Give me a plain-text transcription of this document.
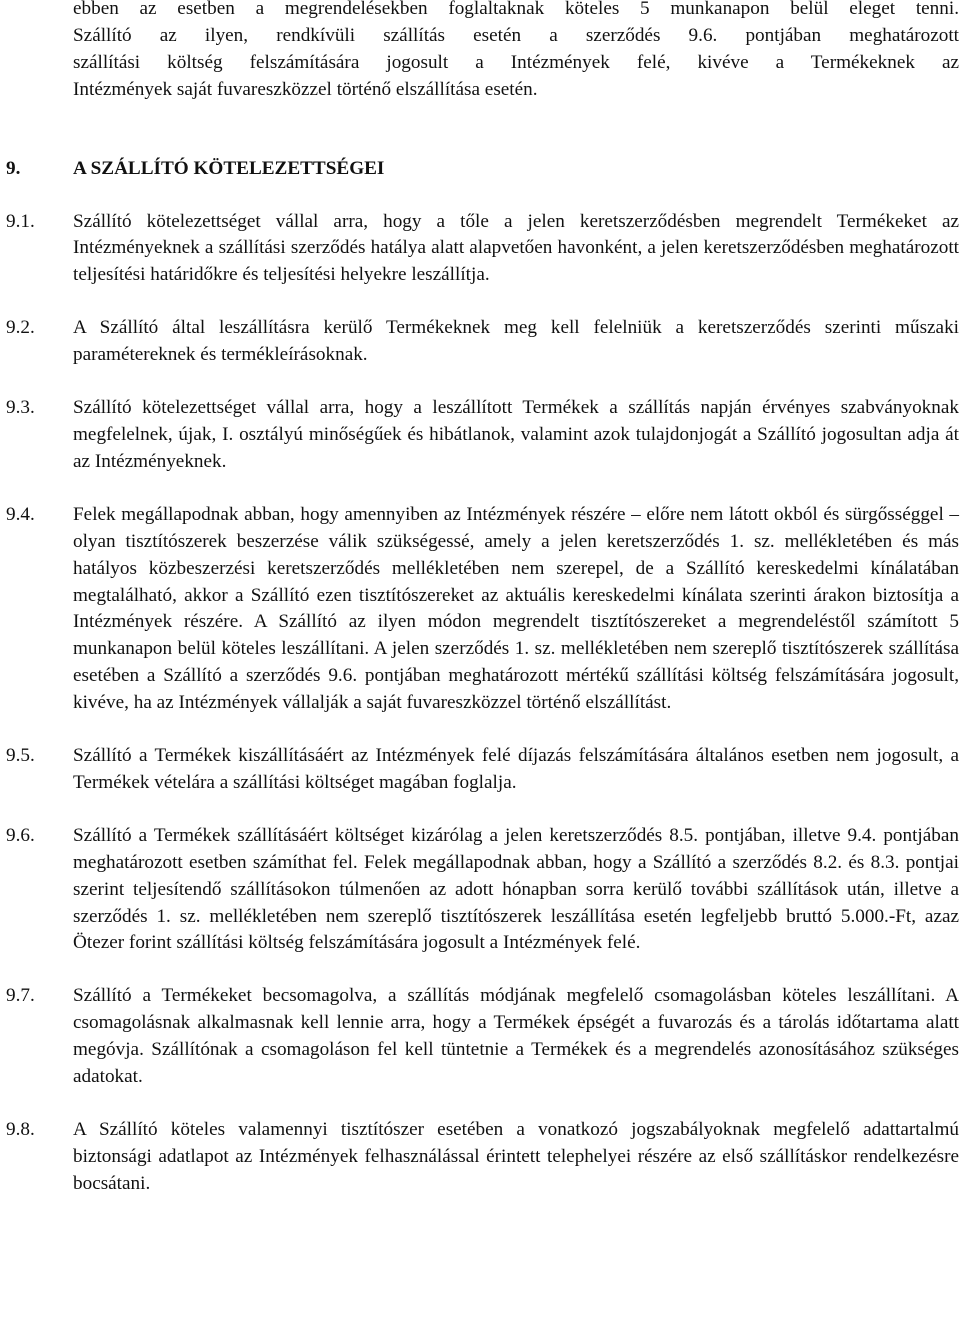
ebben az esetben a megrendelésekben foglaltaknak köteles 5 munkanapon belül eleget tenni.
Szállító az ilyen, rendkívüli szállítás esetén a szerződés 9.6. pontjában meghatározott
szállítási költség felszámítására jogosult a Intézmények felé, kivéve a Termékeknek az
Intézmények saját fuvareszközzel történő elszállítása esetén.
9.	A SZÁLLÍTÓ KÖTELEZETTSÉGEI
9.1.	Szállító kötelezettséget vállal arra, hogy a tőle a jelen keretszerződésben megrendelt Termékeket az Intézményeknek a szállítási szerződés hatálya alatt alapvetően havonként, a jelen keretszerződésben meghatározott teljesítési határidőkre és teljesítési helyekre leszállítja.
9.2.	A Szállító által leszállításra kerülő Termékeknek meg kell felelniük a keretszerződés szerinti műszaki paramétereknek és termékleírásoknak.
9.3.	Szállító kötelezettséget vállal arra, hogy a leszállított Termékek a szállítás napján érvényes szabványoknak megfelelnek, újak, I. osztályú minőségűek és hibátlanok, valamint azok tulajdonjogát a Szállító jogosultan adja át az Intézményeknek.
9.4.	Felek megállapodnak abban, hogy amennyiben az Intézmények részére – előre nem látott okból és sürgősséggel – olyan tisztítószerek beszerzése válik szükségessé, amely a jelen keretszerződés 1. sz. mellékletében és más hatályos közbeszerzési keretszerződés mellékletében nem szerepel, de a Szállító kereskedelmi kínálatában megtalálható, akkor a Szállító ezen tisztítószereket az aktuális kereskedelmi kínálata szerinti árakon biztosítja a Intézmények részére. A Szállító az ilyen módon megrendelt tisztítószereket a megrendeléstől számított 5 munkanapon belül köteles leszállítani. A jelen szerződés 1. sz. mellékletében nem szereplő tisztítószerek szállítása esetében a Szállító a szerződés 9.6. pontjában meghatározott mértékű szállítási költség felszámítására jogosult, kivéve, ha az Intézmények vállalják a saját fuvareszközzel történő elszállítást.
9.5.	Szállító a Termékek kiszállításáért az Intézmények felé díjazás felszámítására általános esetben nem jogosult, a Termékek vételára a szállítási költséget magában foglalja.
9.6.	Szállító a Termékek szállításáért költséget kizárólag a jelen keretszerződés 8.5. pontjában, illetve 9.4. pontjában meghatározott esetben számíthat fel. Felek megállapodnak abban, hogy a Szállító a szerződés 8.2. és 8.3. pontjai szerint teljesítendő szállításokon túlmenően az adott hónapban sorra kerülő további szállítások után, illetve a szerződés 1. sz. mellékletében nem szereplő tisztítószerek leszállítása esetén legfeljebb bruttó 5.000.-Ft, azaz Ötezer forint szállítási költség felszámítására jogosult a Intézmények felé.
9.7.	Szállító a Termékeket becsomagolva, a szállítás módjának megfelelő csomagolásban köteles leszállítani. A csomagolásnak alkalmasnak kell lennie arra, hogy a Termékek épségét a fuvarozás és a tárolás időtartama alatt megóvja. Szállítónak a csomagoláson fel kell tüntetnie a Termékek és a megrendelés azonosításához szükséges adatokat.
9.8.	A Szállító köteles valamennyi tisztítószer esetében a vonatkozó jogszabályoknak megfelelő adattartalmú biztonsági adatlapot az Intézmények felhasználással érintett telephelyei részére az első szállításkor rendelkezésre bocsátani.
